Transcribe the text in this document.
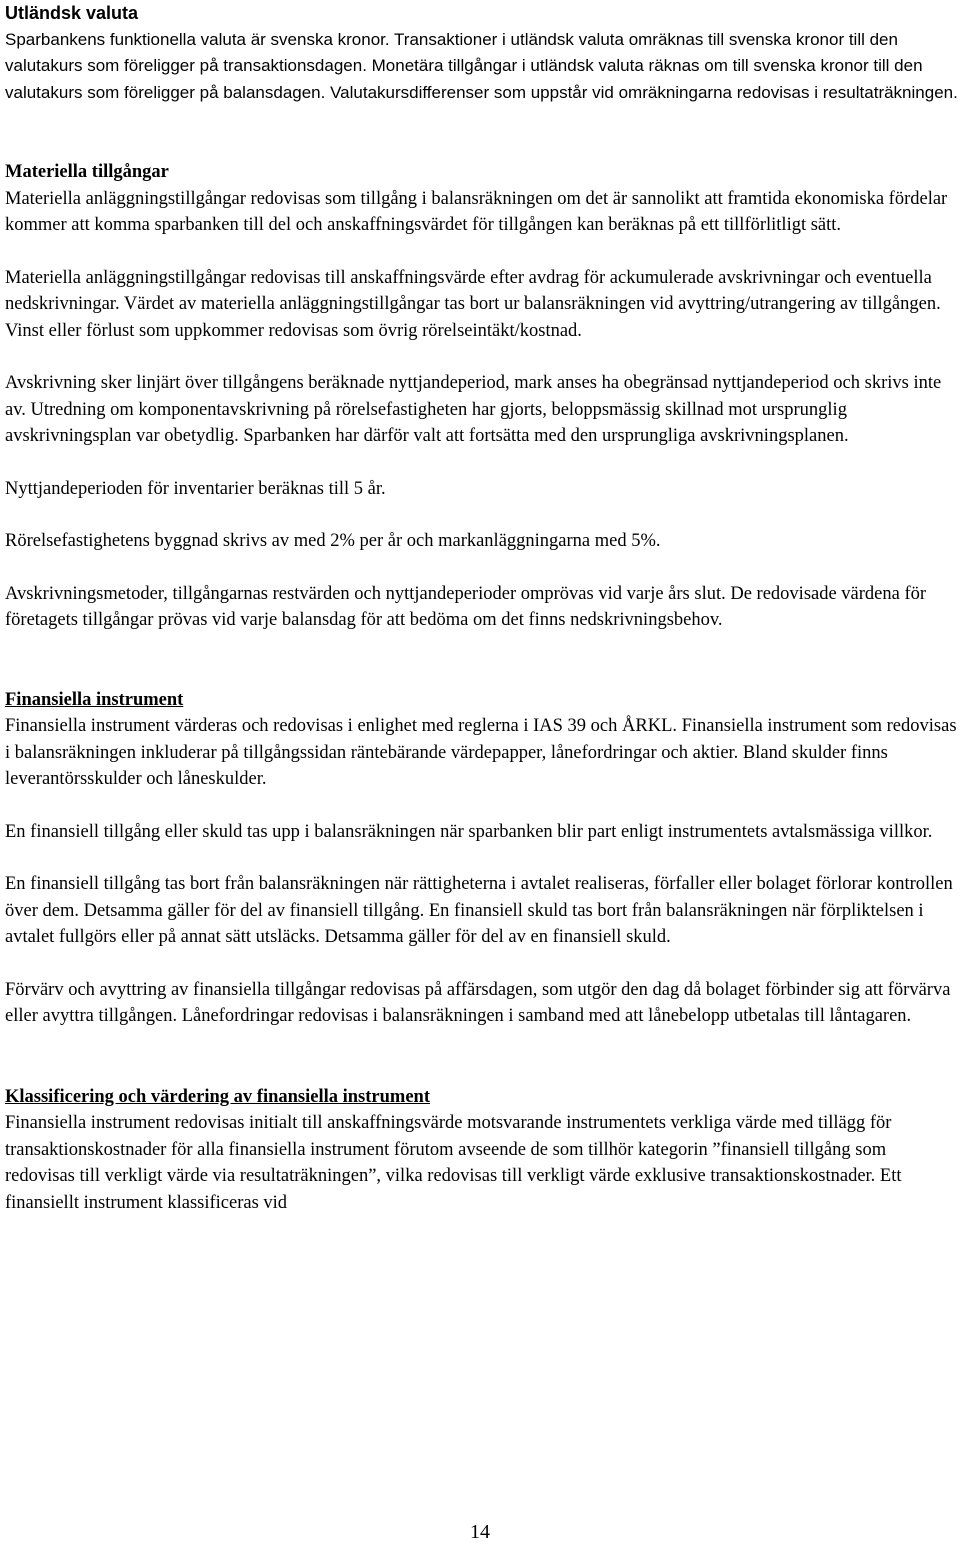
Utländsk valuta

Sparbankens funktionella valuta är svenska kronor. Transaktioner i utländsk valuta omräknas till svenska kronor till den valutakurs som föreligger på transaktionsdagen. Monetära tillgångar i utländsk valuta räknas om till svenska kronor till den valutakurs som föreligger på balansdagen. Valutakursdifferenser som uppstår vid omräkningarna redovisas i resultaträkningen.

Materiella tillgångar

Materiella anläggningstillgångar redovisas som tillgång i balansräkningen om det är sannolikt att framtida ekonomiska fördelar kommer att komma sparbanken till del och anskaffningsvärdet för tillgången kan beräknas på ett tillförlitligt sätt.

Materiella anläggningstillgångar redovisas till anskaffningsvärde efter avdrag för ackumulerade avskrivningar och eventuella nedskrivningar. Värdet av materiella anläggningstillgångar tas bort ur balansräkningen vid avyttring/utrangering av tillgången. Vinst eller förlust som uppkommer redovisas som övrig rörelseintäkt/kostnad.

Avskrivning sker linjärt över tillgångens beräknade nyttjandeperiod, mark anses ha obegränsad nyttjandeperiod och skrivs inte av. Utredning om komponentavskrivning på rörelsefastigheten har gjorts, beloppsmässig skillnad mot ursprunglig avskrivningsplan var obetydlig. Sparbanken har därför valt att fortsätta med den ursprungliga avskrivningsplanen.

Nyttjandeperioden för inventarier beräknas till 5 år.

Rörelsefastighetens byggnad skrivs av med 2% per år och markanläggningarna med 5%.

Avskrivningsmetoder, tillgångarnas restvärden och nyttjandeperioder omprövas vid varje års slut. De redovisade värdena för företagets tillgångar prövas vid varje balansdag för att bedöma om det finns nedskrivningsbehov.

Finansiella instrument

Finansiella instrument värderas och redovisas i enlighet med reglerna i IAS 39 och ÅRKL. Finansiella instrument som redovisas i balansräkningen inkluderar på tillgångssidan räntebärande värdepapper, lånefordringar och aktier. Bland skulder finns leverantörsskulder och låneskulder.

En finansiell tillgång eller skuld tas upp i balansräkningen när sparbanken blir part enligt instrumentets avtalsmässiga villkor.

En finansiell tillgång tas bort från balansräkningen när rättigheterna i avtalet realiseras, förfaller eller bolaget förlorar kontrollen över dem. Detsamma gäller för del av finansiell tillgång. En finansiell skuld tas bort från balansräkningen när förpliktelsen i avtalet fullgörs eller på annat sätt utsläcks. Detsamma gäller för del av en finansiell skuld.

Förvärv och avyttring av finansiella tillgångar redovisas på affärsdagen, som utgör den dag då bolaget förbinder sig att förvärva eller avyttra tillgången. Lånefordringar redovisas i balansräkningen i samband med att lånebelopp utbetalas till låntagaren.

Klassificering och värdering av finansiella instrument

Finansiella instrument redovisas initialt till anskaffningsvärde motsvarande instrumentets verkliga värde med tillägg för transaktionskostnader för alla finansiella instrument förutom avseende de som tillhör kategorin ”finansiell tillgång som redovisas till verkligt värde via resultaträkningen”, vilka redovisas till verkligt värde exklusive transaktionskostnader. Ett finansiellt instrument klassificeras vid

14
